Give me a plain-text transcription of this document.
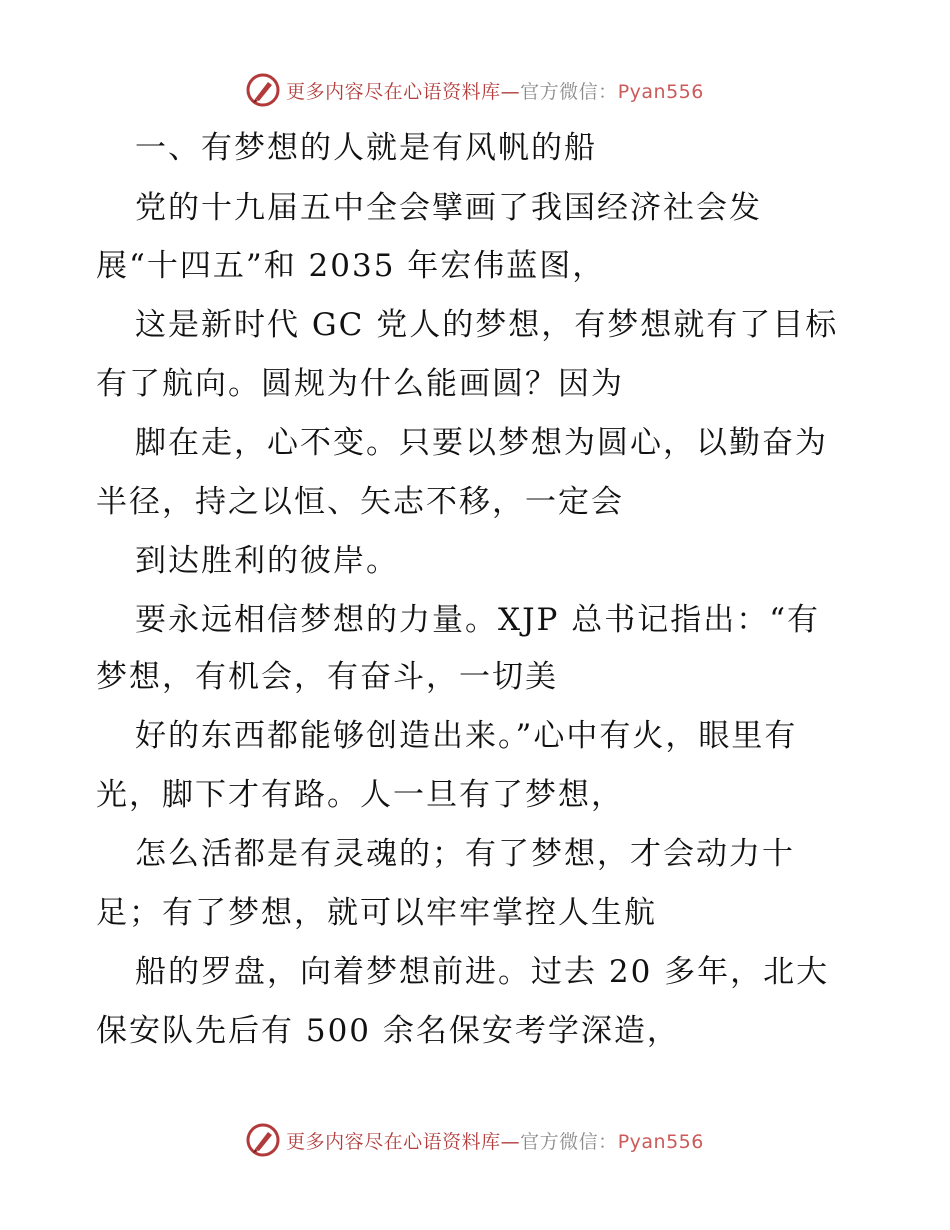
更多内容尽在心语资料库—官方微信：Pyan556
一、有梦想的人就是有风帆的船
党的十九届五中全会擘画了我国经济社会发
展“十四五”和 2035 年宏伟蓝图，
这是新时代 GC 党人的梦想，有梦想就有了目标
有了航向。圆规为什么能画圆？因为
脚在走，心不变。只要以梦想为圆心，以勤奋为
半径，持之以恒、矢志不移，一定会
到达胜利的彼岸。
要永远相信梦想的力量。XJP 总书记指出：“有
梦想，有机会，有奋斗，一切美
好的东西都能够创造出来。”心中有火，眼里有
光，脚下才有路。人一旦有了梦想，
怎么活都是有灵魂的；有了梦想，才会动力十
足；有了梦想，就可以牢牢掌控人生航
船的罗盘，向着梦想前进。过去 20 多年，北大
保安队先后有 500 余名保安考学深造，
更多内容尽在心语资料库—官方微信：Pyan556
